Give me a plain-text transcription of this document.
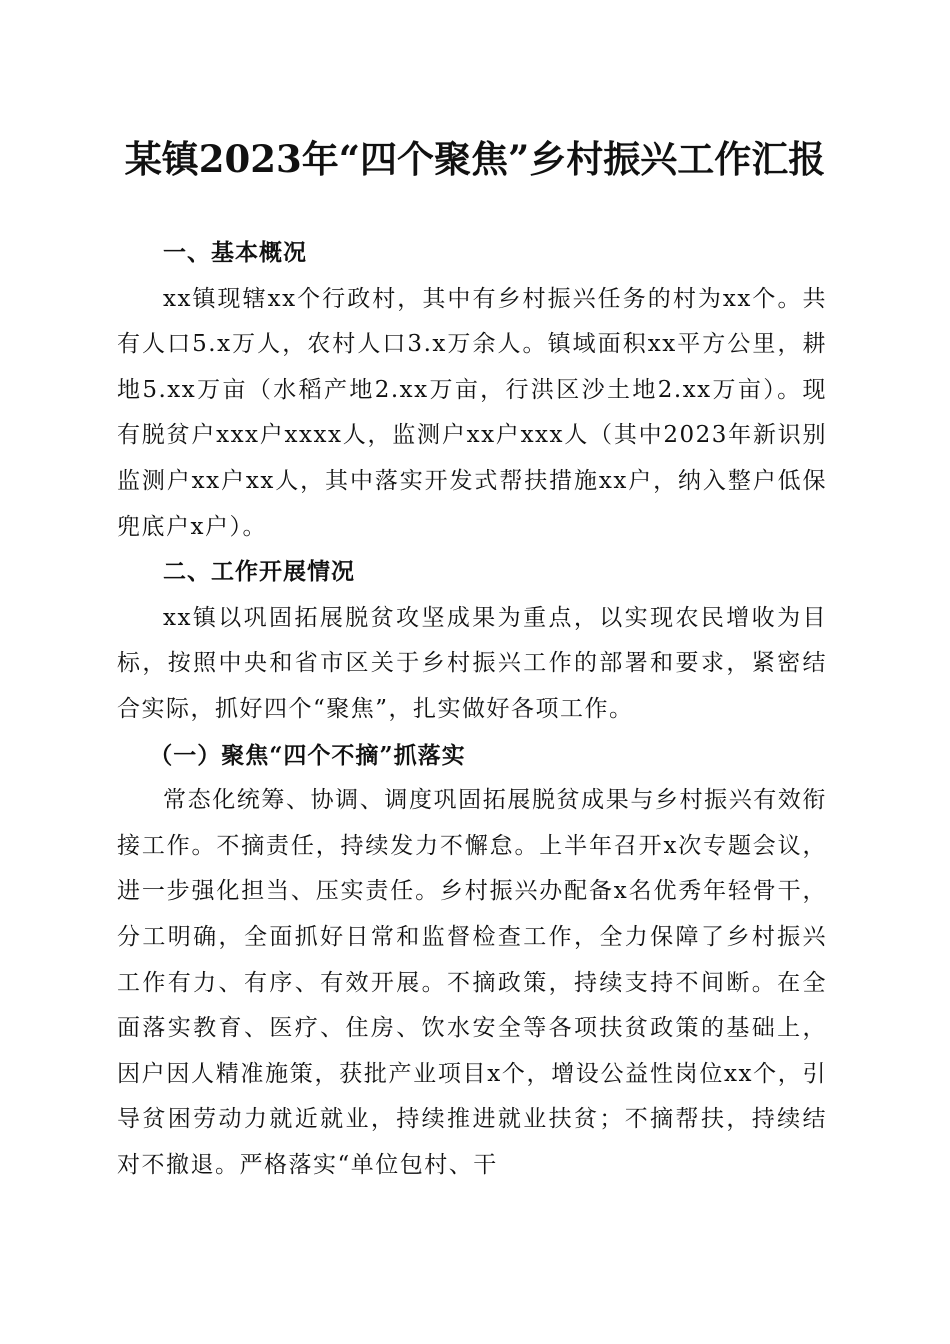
某镇2023年“四个聚焦”乡村振兴工作汇报
一、基本概况

xx镇现辖xx个行政村，其中有乡村振兴任务的村为xx个。共有人口5.x万人，农村人口3.x万余人。镇域面积xx平方公里，耕地5.xx万亩（水稻产地2.xx万亩，行洪区沙土地2.xx万亩）。现有脱贫户xxx户xxxx人，监测户xx户xxx人（其中2023年新识别监测户xx户xx人，其中落实开发式帮扶措施xx户，纳入整户低保兜底户x户）。

二、工作开展情况

xx镇以巩固拓展脱贫攻坚成果为重点，以实现农民增收为目标，按照中央和省市区关于乡村振兴工作的部署和要求，紧密结合实际，抓好四个“聚焦”，扎实做好各项工作。

（一）聚焦“四个不摘”抓落实

常态化统筹、协调、调度巩固拓展脱贫成果与乡村振兴有效衔接工作。不摘责任，持续发力不懈怠。上半年召开x次专题会议，进一步强化担当、压实责任。乡村振兴办配备x名优秀年轻骨干，分工明确，全面抓好日常和监督检查工作，全力保障了乡村振兴工作有力、有序、有效开展。不摘政策，持续支持不间断。在全面落实教育、医疗、住房、饮水安全等各项扶贫政策的基础上，因户因人精准施策，获批产业项目x个，增设公益性岗位xx个，引导贫困劳动力就近就业，持续推进就业扶贫；不摘帮扶，持续结对不撤退。严格落实“单位包村、干
